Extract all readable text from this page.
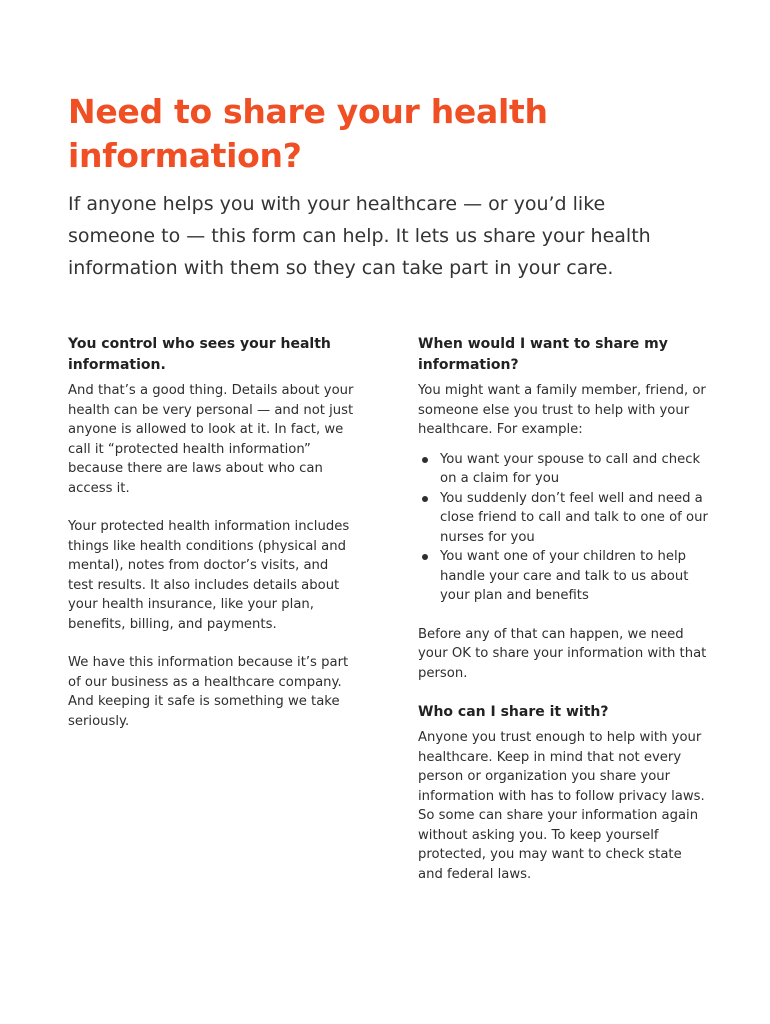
Need to share your health information?

If anyone helps you with your healthcare — or you’d like someone to — this form can help. It lets us share your health information with them so they can take part in your care.

You control who sees your health information.

And that’s a good thing. Details about your health can be very personal — and not just anyone is allowed to look at it. In fact, we call it “protected health information” because there are laws about who can access it.

Your protected health information includes things like health conditions (physical and mental), notes from doctor’s visits, and test results. It also includes details about your health insurance, like your plan, benefits, billing, and payments.

We have this information because it’s part of our business as a healthcare company. And keeping it safe is something we take seriously.

When would I want to share my information?

You might want a family member, friend, or someone else you trust to help with your healthcare. For example:

You want your spouse to call and check on a claim for you
You suddenly don’t feel well and need a close friend to call and talk to one of our nurses for you
You want one of your children to help handle your care and talk to us about your plan and benefits

Before any of that can happen, we need your OK to share your information with that person.

Who can I share it with?

Anyone you trust enough to help with your healthcare. Keep in mind that not every person or organization you share your information with has to follow privacy laws. So some can share your information again without asking you. To keep yourself protected, you may want to check state and federal laws.
